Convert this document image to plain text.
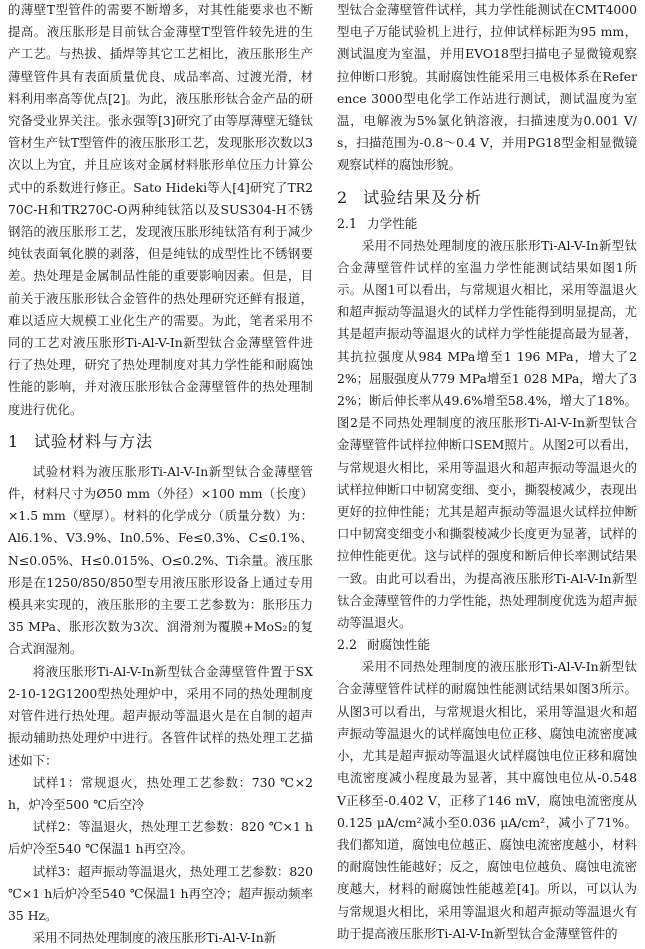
的薄壁T型管件的需要不断增多，对其性能要求也不断提高。液压胀形是目前钛合金薄壁T型管件较先进的生产工艺。与热拔、插焊等其它工艺相比，液压胀形生产薄壁管件具有表面质量优良、成品率高、过渡光滑，材料利用率高等优点[2]。为此，液压胀形钛合金产品的研究备受业界关注。张永强等[3]研究了由等厚薄壁无缝钛管材生产钛T型管件的液压胀形工艺，发现胀形次数以3次以上为宜，并且应该对金属材料胀形单位压力计算公式中的系数进行修正。Sato Hideki等人[4]研究了TR270C-H和TR270C-O两种纯钛箔以及SUS304-H不锈钢箔的液压胀形工艺，发现液压胀形纯钛箔有利于减少纯钛表面氧化膜的剥落，但是纯钛的成型性比不锈钢要差。热处理是金属制品性能的重要影响因素。但是，目前关于液压胀形钛合金管件的热处理研究还鲜有报道，难以适应大规模工业化生产的需要。为此，笔者采用不同的工艺对液压胀形Ti-Al-V-In新型钛合金薄壁管件进行了热处理，研究了热处理制度对其力学性能和耐腐蚀性能的影响，并对液压胀形钛合金薄壁管件的热处理制度进行优化。

1 试验材料与方法

试验材料为液压胀形Ti-Al-V-In新型钛合金薄壁管件，材料尺寸为Ø50 mm（外径）×100 mm（长度）×1.5 mm（壁厚）。材料的化学成分（质量分数）为：Al6.1%、V3.9%、In0.5%、Fe≤0.3%、C≤0.1%、N≤0.05%、H≤0.015%、O≤0.2%、Ti余量。液压胀形是在1250/850/850型专用液压胀形设备上通过专用模具来实现的，液压胀形的主要工艺参数为：胀形压力35 MPa、胀形次数为3次、润滑剂为覆膜+MoS₂的复合式润湿剂。

将液压胀形Ti-Al-V-In新型钛合金薄壁管件置于SX2-10-12G1200型热处理炉中，采用不同的热处理制度对管件进行热处理。超声振动等温退火是在自制的超声振动辅助热处理炉中进行。各管件试样的热处理工艺描述如下：

试样1：常规退火，热处理工艺参数：730 ℃×2 h，炉冷至500 ℃后空冷

试样2：等温退火，热处理工艺参数：820 ℃×1 h后炉冷至540 ℃保温1 h再空冷。

试样3：超声振动等温退火，热处理工艺参数：820 ℃×1 h后炉冷至540 ℃保温1 h再空冷；超声振动频率35 Hz。

采用不同热处理制度的液压胀形Ti-Al-V-In新

型钛合金薄壁管件试样，其力学性能测试在CMT4000型电子万能试验机上进行，拉伸试样标距为95 mm，测试温度为室温，并用EVO18型扫描电子显微镜观察拉伸断口形貌。其耐腐蚀性能采用三电极体系在Reference 3000型电化学工作站进行测试，测试温度为室温，电解液为5%氯化钠溶液，扫描速度为0.001 V/s，扫描范围为-0.8～0.4 V，并用PG18型金相显微镜观察试样的腐蚀形貌。

2 试验结果及分析
2.1 力学性能

采用不同热处理制度的液压胀形Ti-Al-V-In新型钛合金薄壁管件试样的室温力学性能测试结果如图1所示。从图1可以看出，与常规退火相比，采用等温退火和超声振动等温退火的试样力学性能得到明显提高，尤其是超声振动等温退火的试样力学性能提高最为显著，其抗拉强度从984 MPa增至1 196 MPa，增大了22%；屈服强度从779 MPa增至1 028 MPa，增大了32%；断后伸长率从49.6%增至58.4%，增大了18%。图2是不同热处理制度的液压胀形Ti-Al-V-In新型钛合金薄壁管件试样拉伸断口SEM照片。从图2可以看出，与常规退火相比，采用等温退火和超声振动等温退火的试样拉伸断口中韧窝变细、变小，撕裂棱减少，表现出更好的拉伸性能；尤其是超声振动等温退火试样拉伸断口中韧窝变细变小和撕裂棱减少长度更为显著，试样的拉伸性能更优。这与试样的强度和断后伸长率测试结果一致。由此可以看出，为提高液压胀形Ti-Al-V-In新型钛合金薄壁管件的力学性能，热处理制度优选为超声振动等温退火。

2.2 耐腐蚀性能

采用不同热处理制度的液压胀形Ti-Al-V-In新型钛合金薄壁管件试样的耐腐蚀性能测试结果如图3所示。从图3可以看出，与常规退火相比，采用等温退火和超声振动等温退火的试样腐蚀电位正移、腐蚀电流密度减小，尤其是超声振动等温退火试样腐蚀电位正移和腐蚀电流密度减小程度最为显著，其中腐蚀电位从-0.548 V正移至-0.402 V，正移了146 mV，腐蚀电流密度从0.125 μA/cm²减小至0.036 μA/cm²，减小了71%。我们都知道，腐蚀电位越正、腐蚀电流密度越小，材料的耐腐蚀性能越好；反之，腐蚀电位越负、腐蚀电流密度越大，材料的耐腐蚀性能越差[4]。所以，可以认为与常规退火相比，采用等温退火和超声振动等温退火有助于提高液压胀形Ti-Al-V-In新型钛合金薄壁管件的
